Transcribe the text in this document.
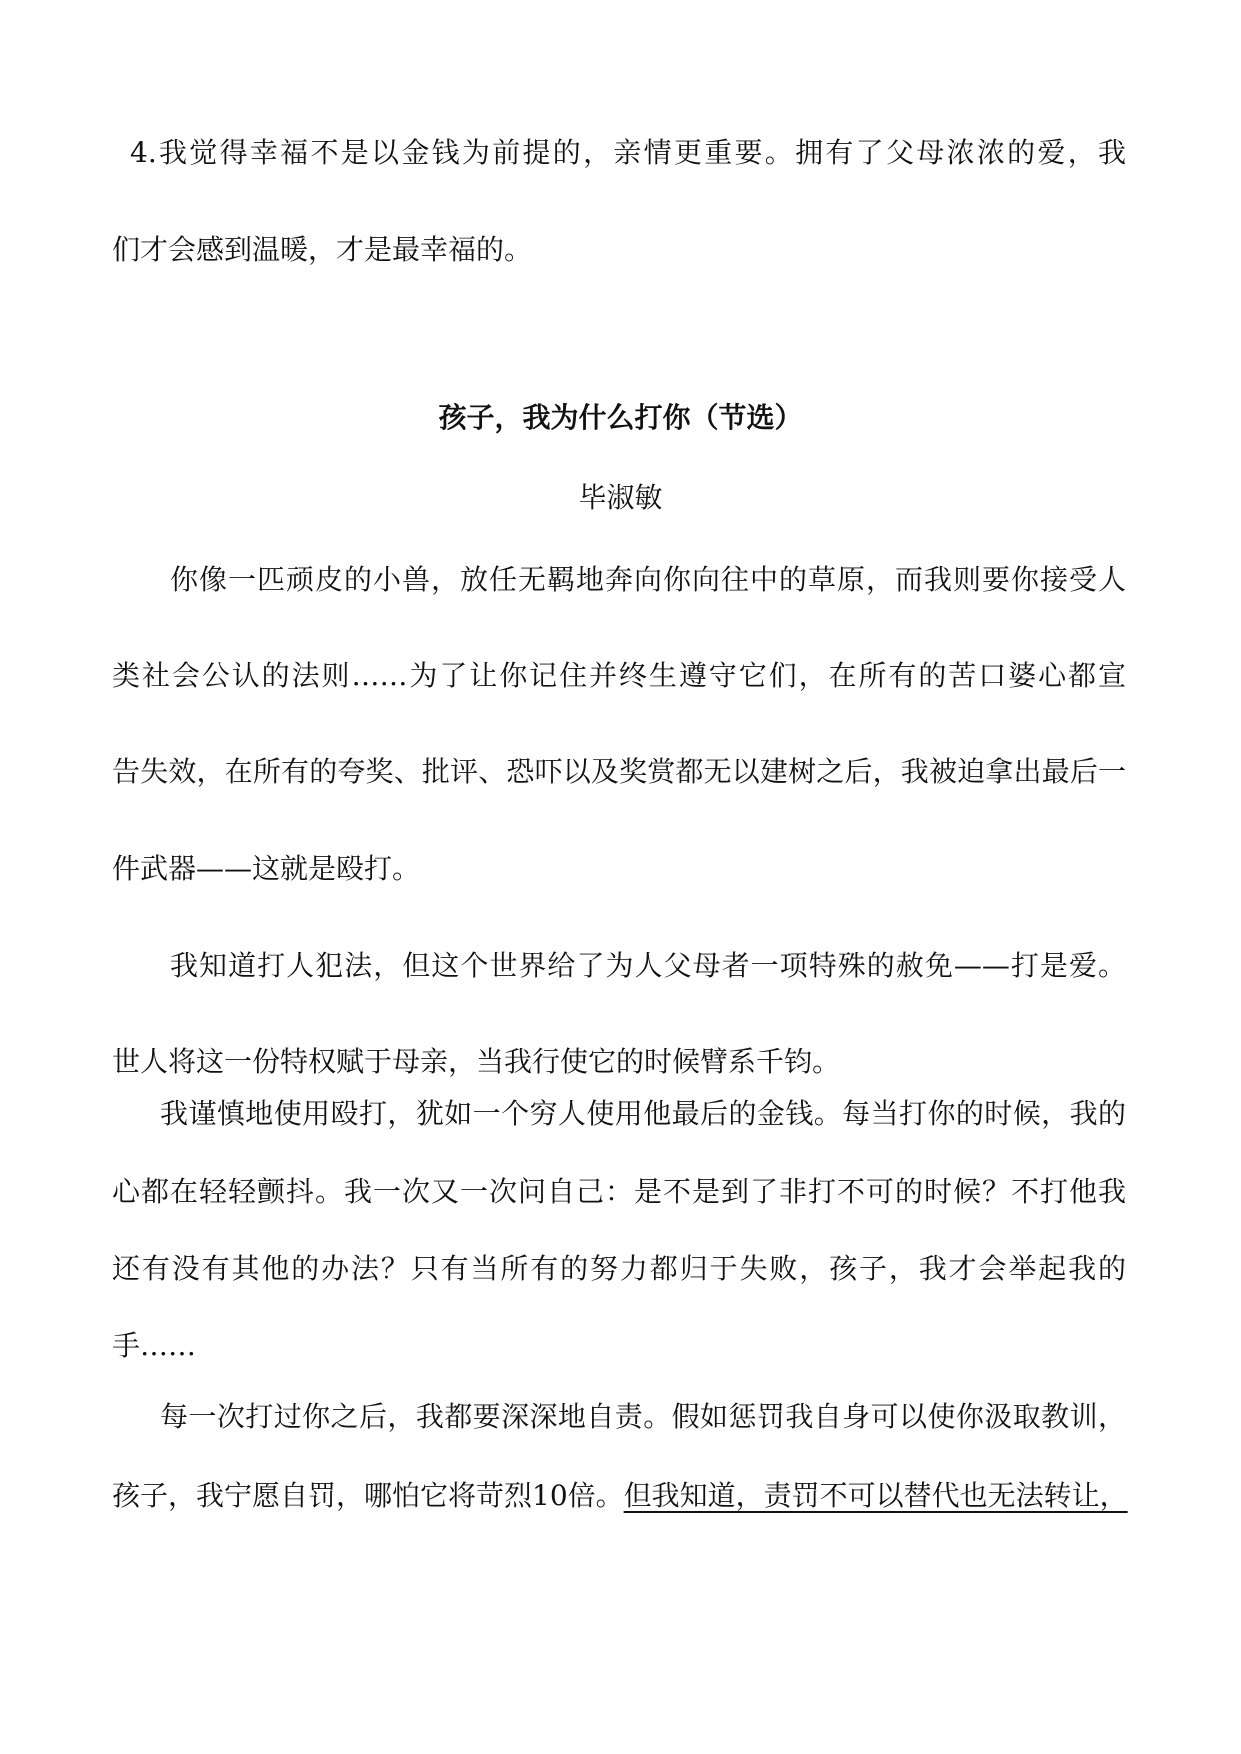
4.我觉得幸福不是以金钱为前提的，亲情更重要。拥有了父母浓浓的爱，我
们才会感到温暖，才是最幸福的。
孩子，我为什么打你（节选）
毕淑敏
你像一匹顽皮的小兽，放任无羁地奔向你向往中的草原，而我则要你接受人
类社会公认的法则……为了让你记住并终生遵守它们，在所有的苦口婆心都宣
告失效，在所有的夸奖、批评、恐吓以及奖赏都无以建树之后，我被迫拿出最后一
件武器——这就是殴打。
我知道打人犯法，但这个世界给了为人父母者一项特殊的赦免——打是爱。
世人将这一份特权赋于母亲，当我行使它的时候臂系千钧。
我谨慎地使用殴打，犹如一个穷人使用他最后的金钱。每当打你的时候，我的
心都在轻轻颤抖。我一次又一次问自己：是不是到了非打不可的时候？不打他我
还有没有其他的办法？只有当所有的努力都归于失败，孩子，我才会举起我的
手……
每一次打过你之后，我都要深深地自责。假如惩罚我自身可以使你汲取教训，
孩子，我宁愿自罚，哪怕它将苛烈10倍。但我知道，责罚不可以替代也无法转让，
